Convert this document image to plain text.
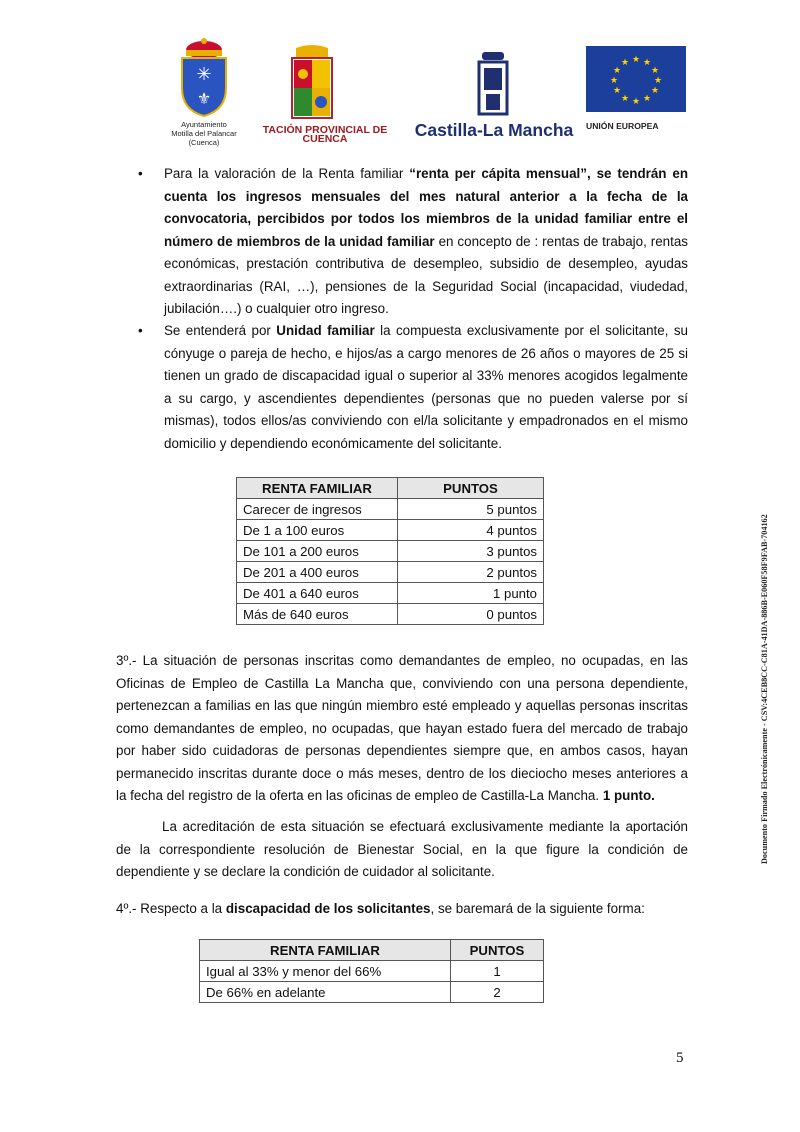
✳
⚜
Ayuntamiento
Motilla del Palancar
(Cuenca)
TACIÓN PROVINCIAL DE CUENCA	Castilla-La Mancha
★ ★
★
★
★
★
★
★
★
★
★
★
UNIÓN EUROPEA
• Para la valoración de la Renta familiar “renta per cápita mensual”, se tendrán en cuenta los ingresos mensuales del mes natural anterior a la fecha de la convocatoria, percibidos por todos los miembros de la unidad familiar entre el número de miembros de la unidad familiar en concepto de : rentas de trabajo, rentas económicas, prestación contributiva de desempleo, subsidio de desempleo, ayudas extraordinarias (RAI, …), pensiones de la Seguridad Social (incapacidad, viudedad, jubilación….) o cualquier otro ingreso.
• Se entenderá por Unidad familiar la compuesta exclusivamente por el solicitante, su cónyuge o pareja de hecho, e hijos/as a cargo menores de 26 años o mayores de 25 si tienen un grado de discapacidad igual o superior al 33% menores acogidos legalmente a su cargo, y ascendientes dependientes (personas que no pueden valerse por sí mismas), todos ellos/as conviviendo con el/la solicitante y empadronados en el mismo domicilio y dependiendo económicamente del solicitante.
RENTA FAMILIAR	PUNTOS
Carecer de ingresos	5 puntos
De 1 a 100 euros	4 puntos
De 101 a 200 euros	3 puntos
De 201 a 400 euros	2 puntos
De 401 a 640 euros	1 punto
Más de 640 euros	0 puntos
3º.- La situación de personas inscritas como demandantes de empleo, no ocupadas, en las Oficinas de Empleo de Castilla La Mancha que, conviviendo con una persona dependiente, pertenezcan a familias en las que ningún miembro esté empleado y aquellas personas inscritas como demandantes de empleo, no ocupadas, que hayan estado fuera del mercado de trabajo por haber sido cuidadoras de personas dependientes siempre que, en ambos casos, hayan permanecido inscritas durante doce o más meses, dentro de los dieciocho meses anteriores a la fecha del registro de la oferta en las oficinas de empleo de Castilla-La Mancha. 1 punto.
La acreditación de esta situación se efectuará exclusivamente mediante la aportación de la correspondiente resolución de Bienestar Social, en la que figure la condición de dependiente y se declare la condición de cuidador al solicitante.
4º.- Respecto a la discapacidad de los solicitantes, se baremará de la siguiente forma:
RENTA FAMILIAR	PUNTOS
Igual al 33% y menor del 66%	1
De 66% en adelante	2
Documento Firmado Electrónicamente - CSV:4CEB8CC-C81A-41DA-886B-E060F58F9FAB-704162
5
